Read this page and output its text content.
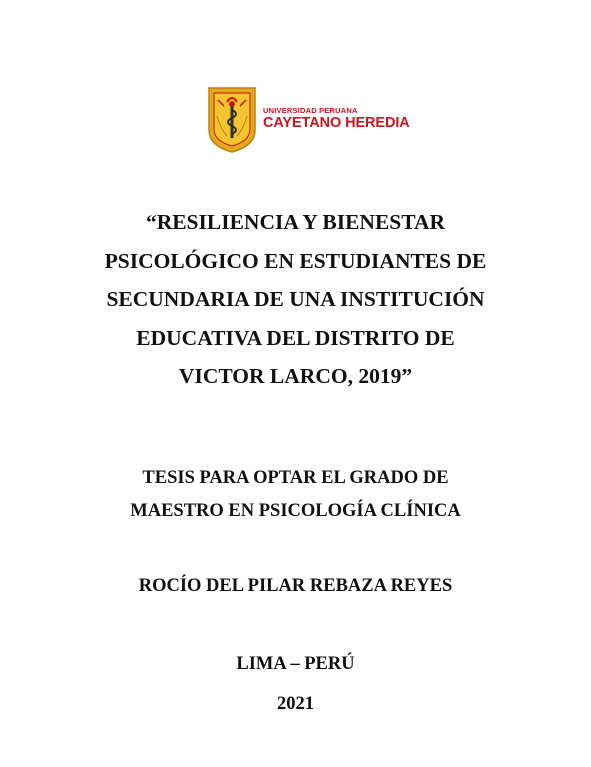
UNIVERSIDAD PERUANA
CAYETANO HEREDIA
“RESILIENCIA Y BIENESTAR
PSICOLÓGICO EN ESTUDIANTES DE
SECUNDARIA DE UNA INSTITUCIÓN
EDUCATIVA DEL DISTRITO DE
VICTOR LARCO, 2019”
TESIS PARA OPTAR EL GRADO DE
MAESTRO EN PSICOLOGÍA CLÍNICA
ROCÍO DEL PILAR REBAZA REYES
LIMA – PERÚ
2021
